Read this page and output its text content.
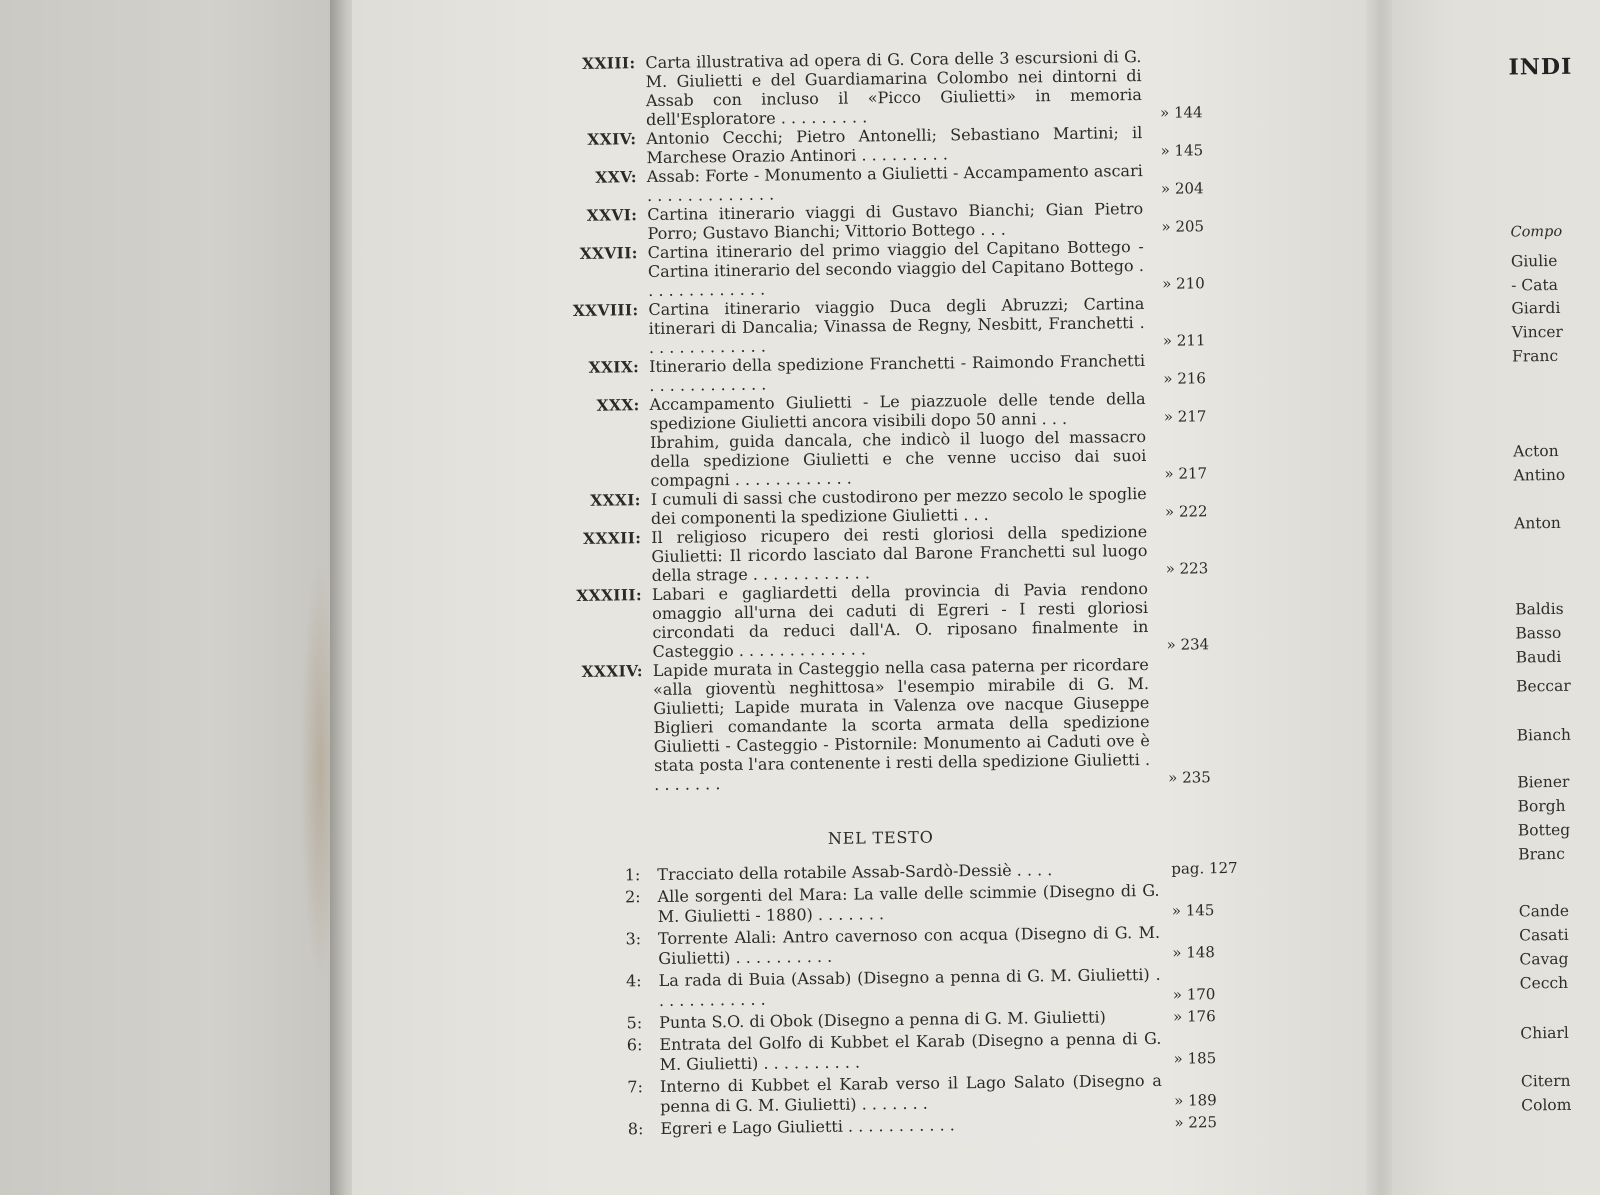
XXIII: Carta illustrativa ad opera di G. Cora delle 3 escursioni di G. M. Giulietti e del Guardiamarina Colombo nei dintorni di Assab con incluso il «Picco Giulietti» in memoria dell'Esploratore . . . . . . . . .	» 144
XXIV: Antonio Cecchi; Pietro Antonelli; Sebastiano Martini; il Marchese Orazio Antinori . . . . . . . . .	» 145
XXV: Assab: Forte - Monumento a Giulietti - Accampamento ascari . . . . . . . . . . . . .	» 204
XXVI: Cartina itinerario viaggi di Gustavo Bianchi; Gian Pietro Porro; Gustavo Bianchi; Vittorio Bottego . . .	» 205
XXVII: Cartina itinerario del primo viaggio del Capitano Bottego - Cartina itinerario del secondo viaggio del Capitano Bottego . . . . . . . . . . . . .	» 210
XXVIII: Cartina itinerario viaggio Duca degli Abruzzi; Cartina itinerari di Dancalia; Vinassa de Regny, Nesbitt, Franchetti . . . . . . . . . . . . .	» 211
XXIX: Itinerario della spedizione Franchetti - Raimondo Franchetti . . . . . . . . . . . .	» 216
XXX: Accampamento Giulietti - Le piazzuole delle tende della spedizione Giulietti ancora visibili dopo 50 anni . . .	» 217
Ibrahim, guida dancala, che indicò il luogo del massacro della spedizione Giulietti e che venne ucciso dai suoi compagni . . . . . . . . . . . .	» 217
XXXI: I cumuli di sassi che custodirono per mezzo secolo le spoglie dei componenti la spedizione Giulietti . . .	» 222
XXXII: Il religioso ricupero dei resti gloriosi della spedizione Giulietti: Il ricordo lasciato dal Barone Franchetti sul luogo della strage . . . . . . . . . . . .	» 223
XXXIII: Labari e gagliardetti della provincia di Pavia rendono omaggio all'urna dei caduti di Egreri - I resti gloriosi circondati da reduci dall'A. O. riposano finalmente in Casteggio . . . . . . . . . . . . .	» 234
XXXIV: Lapide murata in Casteggio nella casa paterna per ricordare «alla gioventù neghittosa» l'esempio mirabile di G. M. Giulietti; Lapide murata in Valenza ove nacque Giuseppe Biglieri comandante la scorta armata della spedizione Giulietti - Casteggio - Pistornile: Monumento ai Caduti ove è stata posta l'ara contenente i resti della spedizione Giulietti . . . . . . . .	» 235
NEL TESTO
1: Tracciato della rotabile Assab-Sardò-Dessiè . . . .	pag. 127
2: Alle sorgenti del Mara: La valle delle scimmie (Disegno di G. M. Giulietti - 1880) . . . . . . .	» 145
3: Torrente Alali: Antro cavernoso con acqua (Disegno di G. M. Giulietti) . . . . . . . . . .	» 148
4: La rada di Buia (Assab) (Disegno a penna di G. M. Giulietti) . . . . . . . . . . . .	» 170
5: Punta S.O. di Obok (Disegno a penna di G. M. Giulietti)	» 176
6: Entrata del Golfo di Kubbet el Karab (Disegno a penna di G. M. Giulietti) . . . . . . . . . .	» 185
7: Interno di Kubbet el Karab verso il Lago Salato (Disegno a penna di G. M. Giulietti) . . . . . . .	» 189
8: Egreri e Lago Giulietti . . . . . . . . . . .	» 225
INDI
Compo
Giulie
- Cata
Giardi
Vincer
Franc
Acton
Antino
Anton
Baldis
Basso
Baudi
Beccar
Bianch
Biener
Borgh
Botteg
Branc
Cande
Casati
Cavag
Cecch
Chiarl
Citern
Colom
